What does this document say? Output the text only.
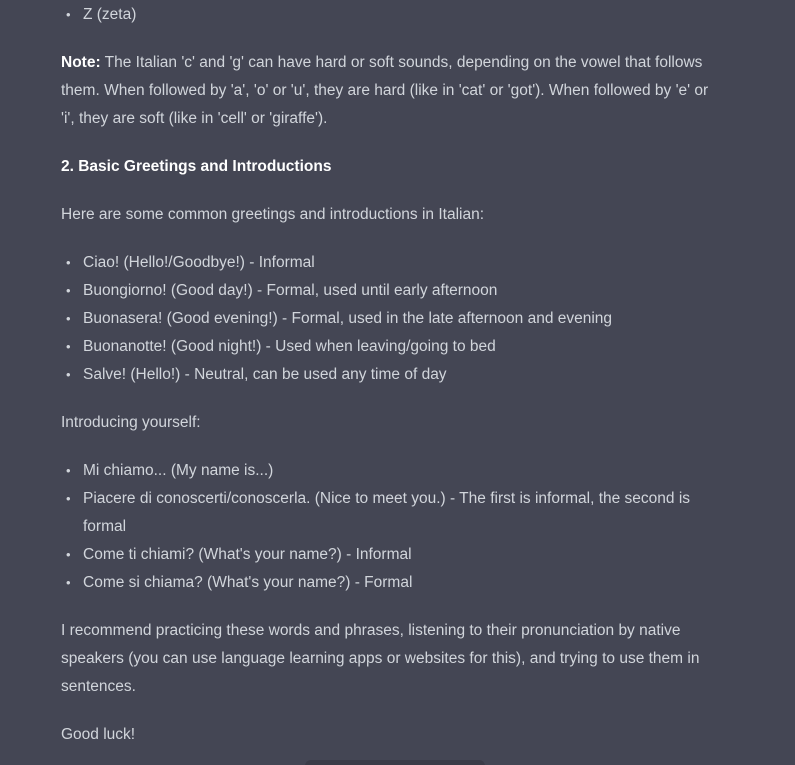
• Z (zeta)

Note: The Italian 'c' and 'g' can have hard or soft sounds, depending on the vowel that follows them. When followed by 'a', 'o' or 'u', they are hard (like in 'cat' or 'got'). When followed by 'e' or 'i', they are soft (like in 'cell' or 'giraffe').

2. Basic Greetings and Introductions

Here are some common greetings and introductions in Italian:

• Ciao! (Hello!/Goodbye!) - Informal
• Buongiorno! (Good day!) - Formal, used until early afternoon
• Buonasera! (Good evening!) - Formal, used in the late afternoon and evening
• Buonanotte! (Good night!) - Used when leaving/going to bed
• Salve! (Hello!) - Neutral, can be used any time of day

Introducing yourself:

• Mi chiamo... (My name is...)
• Piacere di conoscerti/conoscerla. (Nice to meet you.) - The first is informal, the second is formal
• Come ti chiami? (What's your name?) - Informal
• Come si chiama? (What's your name?) - Formal

I recommend practicing these words and phrases, listening to their pronunciation by native speakers (you can use language learning apps or websites for this), and trying to use them in sentences.

Good luck!
